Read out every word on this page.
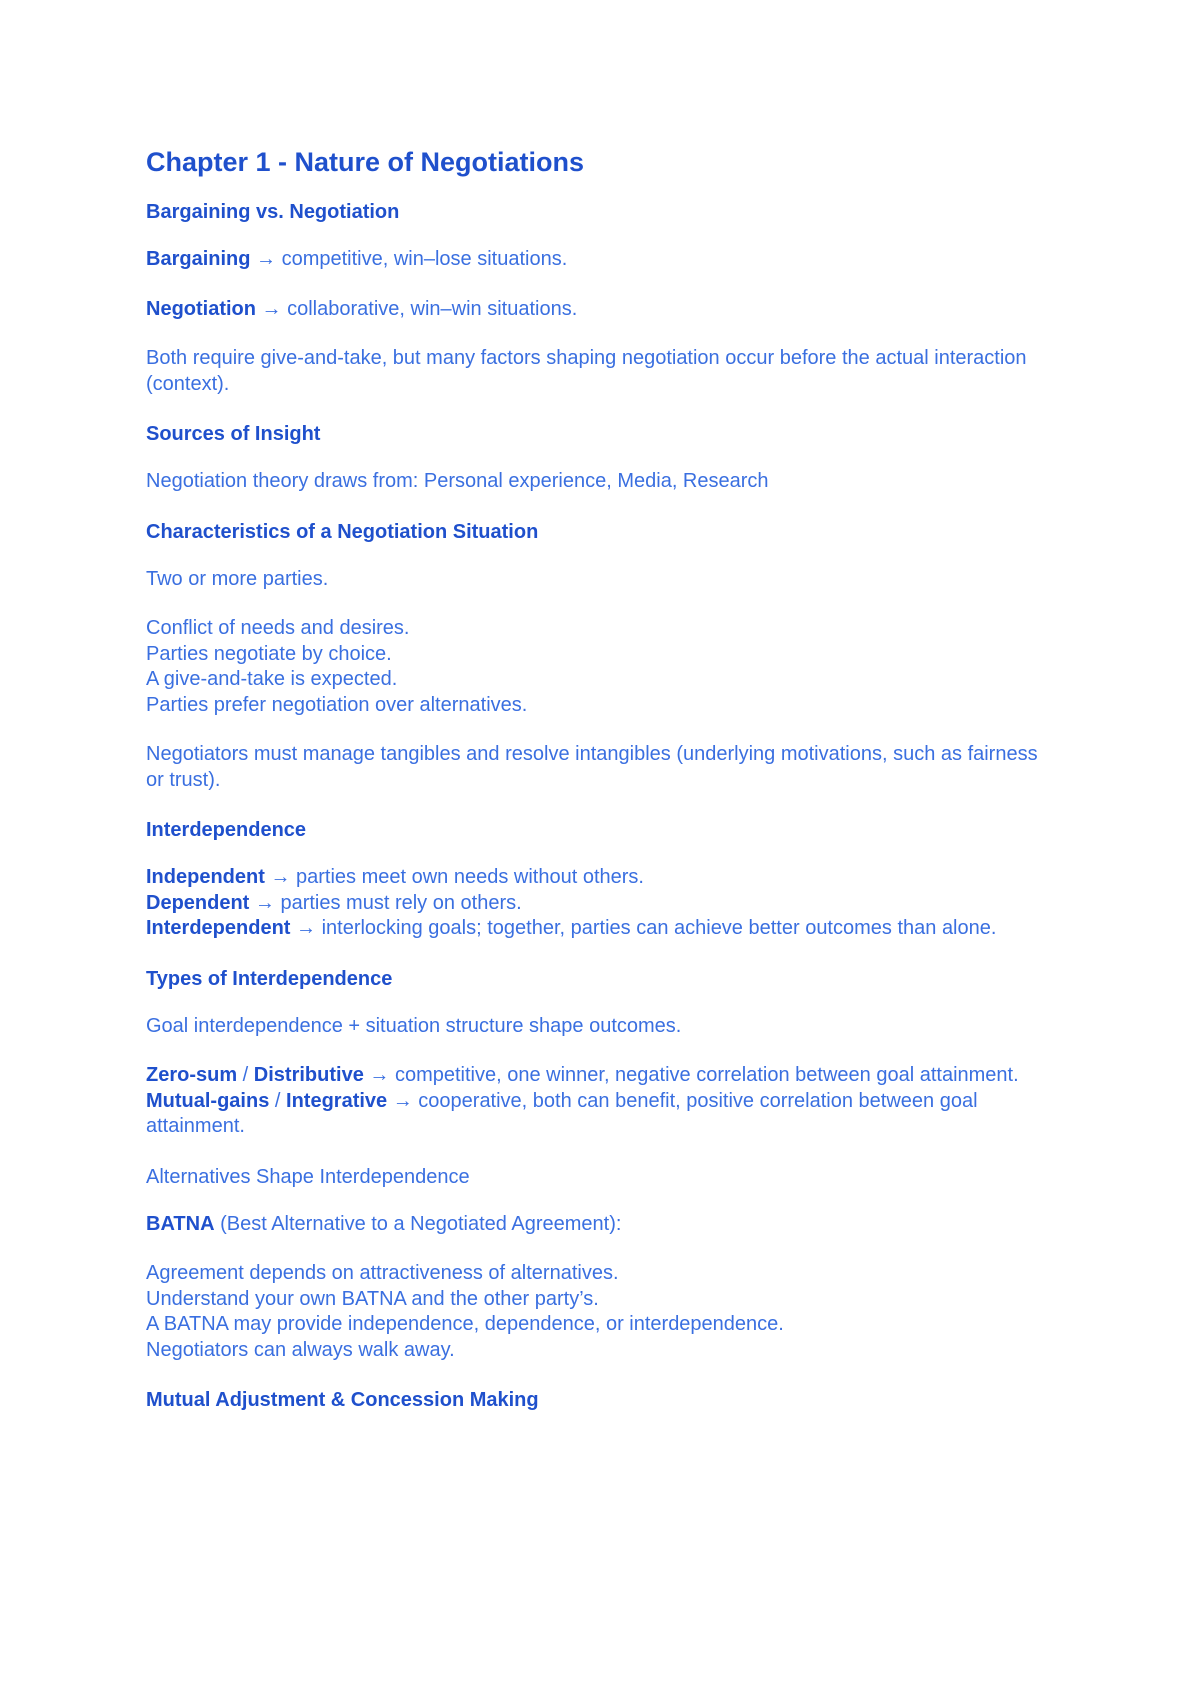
Chapter 1 - Nature of Negotiations
Bargaining vs. Negotiation

Bargaining → competitive, win–lose situations.

Negotiation → collaborative, win–win situations.

Both require give-and-take, but many factors shaping negotiation occur before the actual interaction (context).

Sources of Insight

Negotiation theory draws from: Personal experience, Media, Research

Characteristics of a Negotiation Situation

Two or more parties.

Conflict of needs and desires.
Parties negotiate by choice.
A give-and-take is expected.
Parties prefer negotiation over alternatives.

Negotiators must manage tangibles and resolve intangibles (underlying motivations, such as fairness or trust).

Interdependence
Independent → parties meet own needs without others.
Dependent → parties must rely on others.
Interdependent → interlocking goals; together, parties can achieve better outcomes than alone.
Types of Interdependence

Goal interdependence + situation structure shape outcomes.

Zero-sum / Distributive → competitive, one winner, negative correlation between goal attainment.
Mutual-gains / Integrative → cooperative, both can benefit, positive correlation between goal attainment.
Alternatives Shape Interdependence

BATNA (Best Alternative to a Negotiated Agreement):

Agreement depends on attractiveness of alternatives.
Understand your own BATNA and the other party’s.
A BATNA may provide independence, dependence, or interdependence.
Negotiators can always walk away.
Mutual Adjustment & Concession Making
